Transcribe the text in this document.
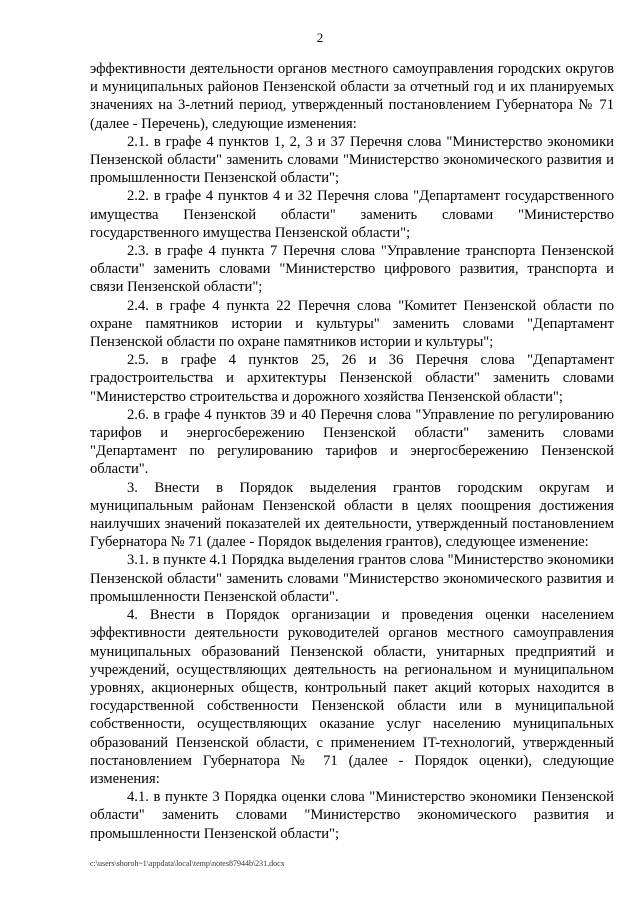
2

эффективности деятельности органов местного самоуправления городских округов и муниципальных районов Пензенской области за отчетный год и их планируемых значениях на 3-летний период, утвержденный постановлением Губернатора № 71 (далее - Перечень), следующие изменения:

2.1. в графе 4 пунктов 1, 2, 3 и 37 Перечня слова "Министерство экономики Пензенской области" заменить словами "Министерство экономического развития и промышленности Пензенской области";

2.2. в графе 4 пунктов 4 и 32 Перечня слова "Департамент государственного имущества Пензенской области" заменить словами "Министерство государственного имущества Пензенской области";

2.3. в графе 4 пункта 7 Перечня слова "Управление транспорта Пензенской области" заменить словами "Министерство цифрового развития, транспорта и связи Пензенской области";

2.4. в графе 4 пункта 22 Перечня слова "Комитет Пензенской области по охране памятников истории и культуры" заменить словами "Департамент Пензенской области по охране памятников истории и культуры";

2.5. в графе 4 пунктов 25, 26 и 36 Перечня слова "Департамент градостроительства и архитектуры Пензенской области" заменить словами "Министерство строительства и дорожного хозяйства Пензенской области";

2.6. в графе 4 пунктов 39 и 40 Перечня слова "Управление по регулированию тарифов и энергосбережению Пензенской области" заменить словами "Департамент по регулированию тарифов и энергосбережению Пензенской области".

3. Внести в Порядок выделения грантов городским округам и муниципальным районам Пензенской области в целях поощрения достижения наилучших значений показателей их деятельности, утвержденный постановлением Губернатора № 71 (далее - Порядок выделения грантов), следующее изменение:

3.1. в пункте 4.1 Порядка выделения грантов слова "Министерство экономики Пензенской области" заменить словами "Министерство экономического развития и промышленности Пензенской области".

4. Внести в Порядок организации и проведения оценки населением эффективности деятельности руководителей органов местного самоуправления муниципальных образований Пензенской области, унитарных предприятий и учреждений, осуществляющих деятельность на региональном и муниципальном уровнях, акционерных обществ, контрольный пакет акций которых находится в государственной собственности Пензенской области или в муниципальной собственности, осуществляющих оказание услуг населению муниципальных образований Пензенской области, с применением IT-технологий, утвержденный постановлением Губернатора № 71 (далее - Порядок оценки), следующие изменения:

4.1. в пункте 3 Порядка оценки слова "Министерство экономики Пензенской области" заменить словами "Министерство экономического развития и промышленности Пензенской области";

c:\users\shoroh~1\appdata\local\temp\notes87944b\231.docx
